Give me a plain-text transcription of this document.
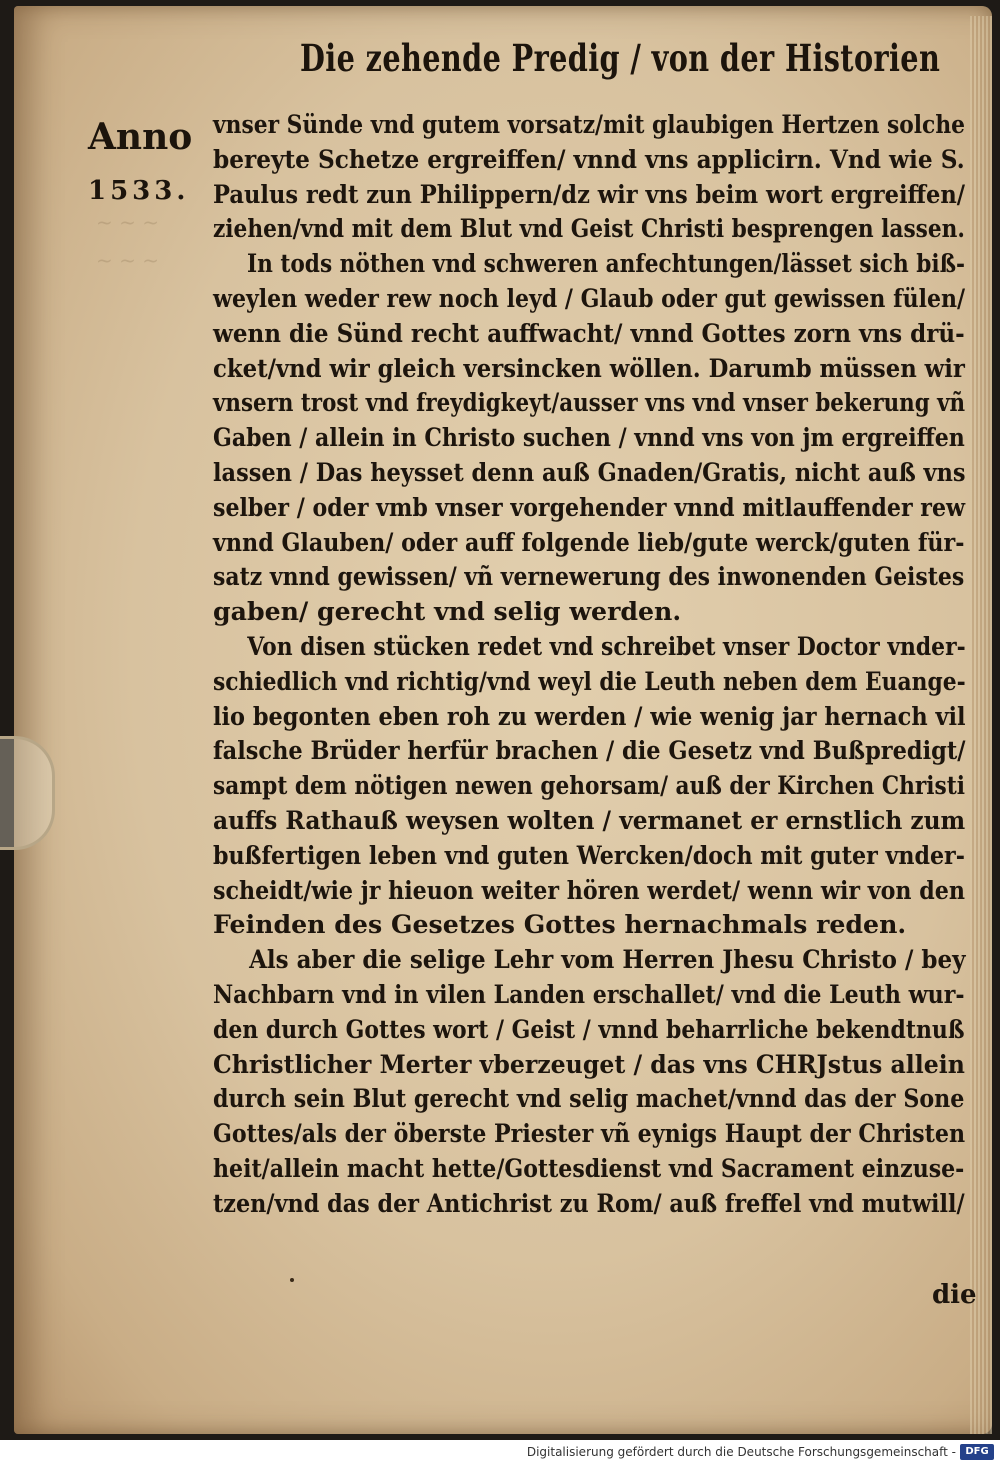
~ ~ ~
~ ~ ~
Die zehende Predig / von der Historien
Anno
1533.
vnser Sünde vnd gutem vorsatz/mit glaubigen Hertzen solche
bereyte Schetze ergreiffen/ vnnd vns applicirn. Vnd wie S.
Paulus redt zun Philippern/dz wir vns beim wort ergreiffen/
ziehen/vnd mit dem Blut vnd Geist Christi besprengen lassen.
In tods nöthen vnd schweren anfechtungen/lässet sich biß-
weylen weder rew noch leyd / Glaub oder gut gewissen fülen/
wenn die Sünd recht auffwacht/ vnnd Gottes zorn vns drü-
cket/vnd wir gleich versincken wöllen. Darumb müssen wir
vnsern trost vnd freydigkeyt/ausser vns vnd vnser bekerung vñ
Gaben / allein in Christo suchen / vnnd vns von jm ergreiffen
lassen / Das heysset denn auß Gnaden/Gratis, nicht auß vns
selber / oder vmb vnser vorgehender vnnd mitlauffender rew
vnnd Glauben/ oder auff folgende lieb/gute werck/guten für-
satz vnnd gewissen/ vñ vernewerung des inwonenden Geistes
gaben/ gerecht vnd selig werden.
Von disen stücken redet vnd schreibet vnser Doctor vnder-
schiedlich vnd richtig/vnd weyl die Leuth neben dem Euange-
lio begonten eben roh zu werden / wie wenig jar hernach vil
falsche Brüder herfür brachen / die Gesetz vnd Bußpredigt/
sampt dem nötigen newen gehorsam/ auß der Kirchen Christi
auffs Rathauß weysen wolten / vermanet er ernstlich zum
bußfertigen leben vnd guten Wercken/doch mit guter vnder-
scheidt/wie jr hieuon weiter hören werdet/ wenn wir von den
Feinden des Gesetzes Gottes hernachmals reden.
Als aber die selige Lehr vom Herren Jhesu Christo / bey
Nachbarn vnd in vilen Landen erschallet/ vnd die Leuth wur-
den durch Gottes wort / Geist / vnnd beharrliche bekendtnuß
Christlicher Merter vberzeuget / das vns CHRJstus allein
durch sein Blut gerecht vnd selig machet/vnnd das der Sone
Gottes/als der öberste Priester vñ eynigs Haupt der Christen
heit/allein macht hette/Gottesdienst vnd Sacrament einzuse-
tzen/vnd das der Antichrist zu Rom/ auß freffel vnd mutwill/
die
Digitalisierung gefördert durch die Deutsche Forschungsgemeinschaft - DFG
